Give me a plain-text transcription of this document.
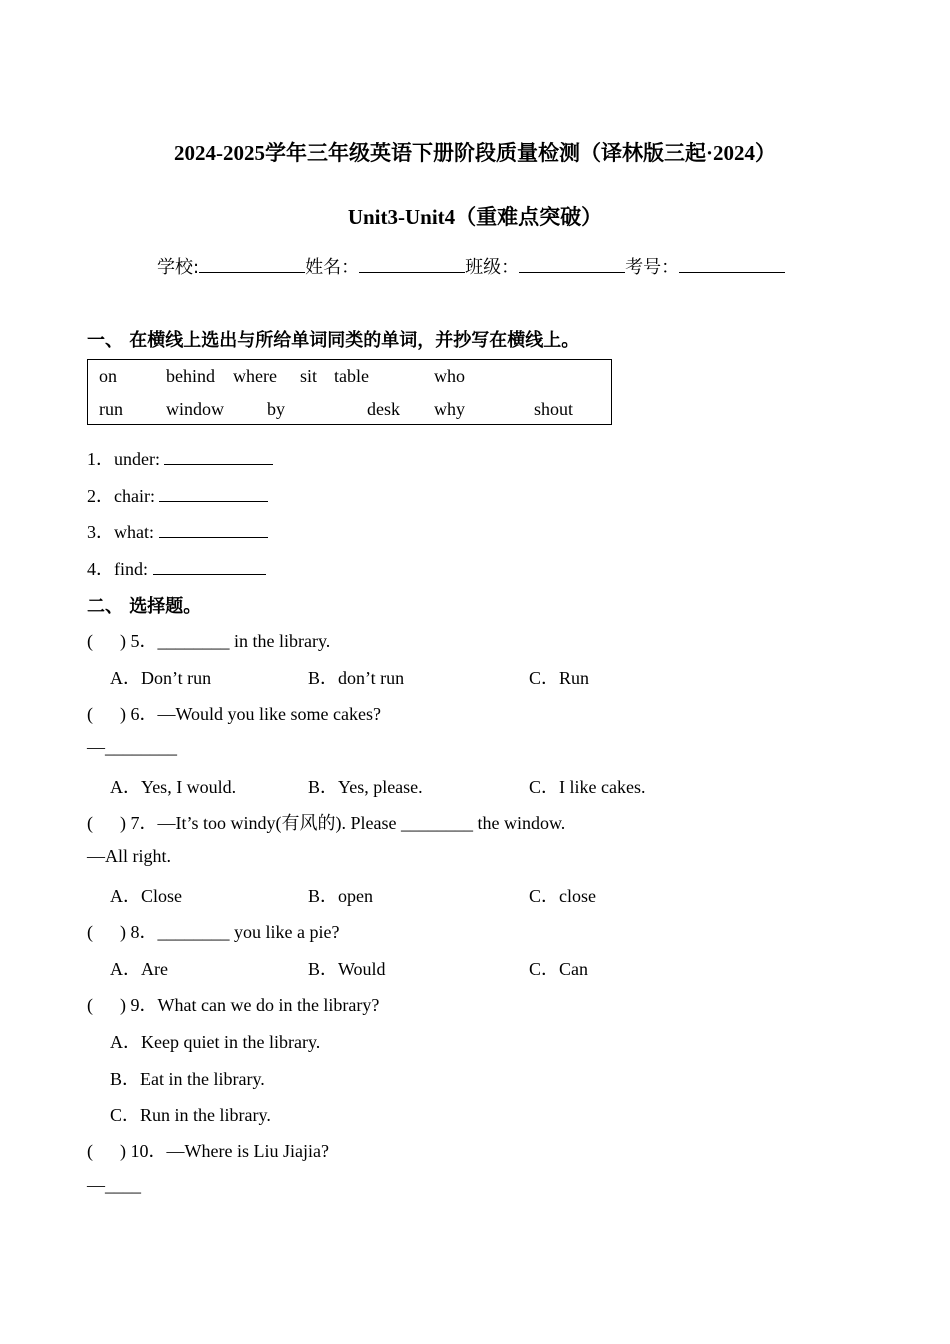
2024-2025学年三年级英语下册阶段质量检测（译林版三起·2024）
Unit3-Unit4（重难点突破）
学校:	姓名：	班级：	考号：
一、 在横线上选出与所给单词同类的单词，并抄写在横线上。
on	behind where sit table	who
run window by	desk why	shout
1．under:
2．chair:
3．what:
4．find:
二、 选择题。
( ) 5．________ in the library.
A．Don’t run	B．don’t run	C．Run
( ) 6．—Would you like some cakes?
—________
A．Yes, I would.	B．Yes, please.	C．I like cakes.
( ) 7．—It’s too windy(有风的). Please ________ the window.
—All right.
A．Close	B．open	C．close
( ) 8．________ you like a pie?
A．Are	B．Would	C．Can
( ) 9．What can we do in the library?
A．Keep quiet in the library.
B．Eat in the library.
C．Run in the library.
( ) 10．—Where is Liu Jiajia?
—____
